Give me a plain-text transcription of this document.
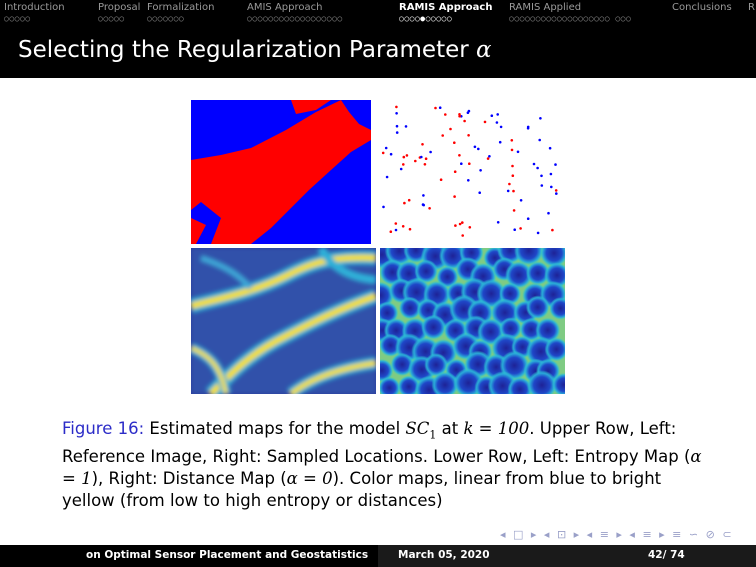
Introduction
○○○○○
Proposal
○○○○○
Formalization
○○○○○○○
AMIS Approach
○○○○○○○○○○○○○○○○○○
RAMIS Approach
○○○○●○○○○○
RAMIS Applied
○○○○○○○○○○○○○○○○○○○ ○○○
Conclusions R
Selecting the Regularization Parameter α
Figure 16: Estimated maps for the model $SC_1$ at k = 100. Upper Row, Left: Reference Image, Right: Sampled Locations. Lower Row, Left: Entropy Map (α = 1), Right: Distance Map (α = 0). Color maps, linear from blue to bright yellow (from low to high entropy or distances)
◂ □ ▸ ◂ ⊡ ▸ ◂ ≡ ▸ ◂ ≡ ▸ ≡ ∽ ⊘ ⊂
on Optimal Sensor Placement and Geostatistics	March 05, 2020	42/ 74
